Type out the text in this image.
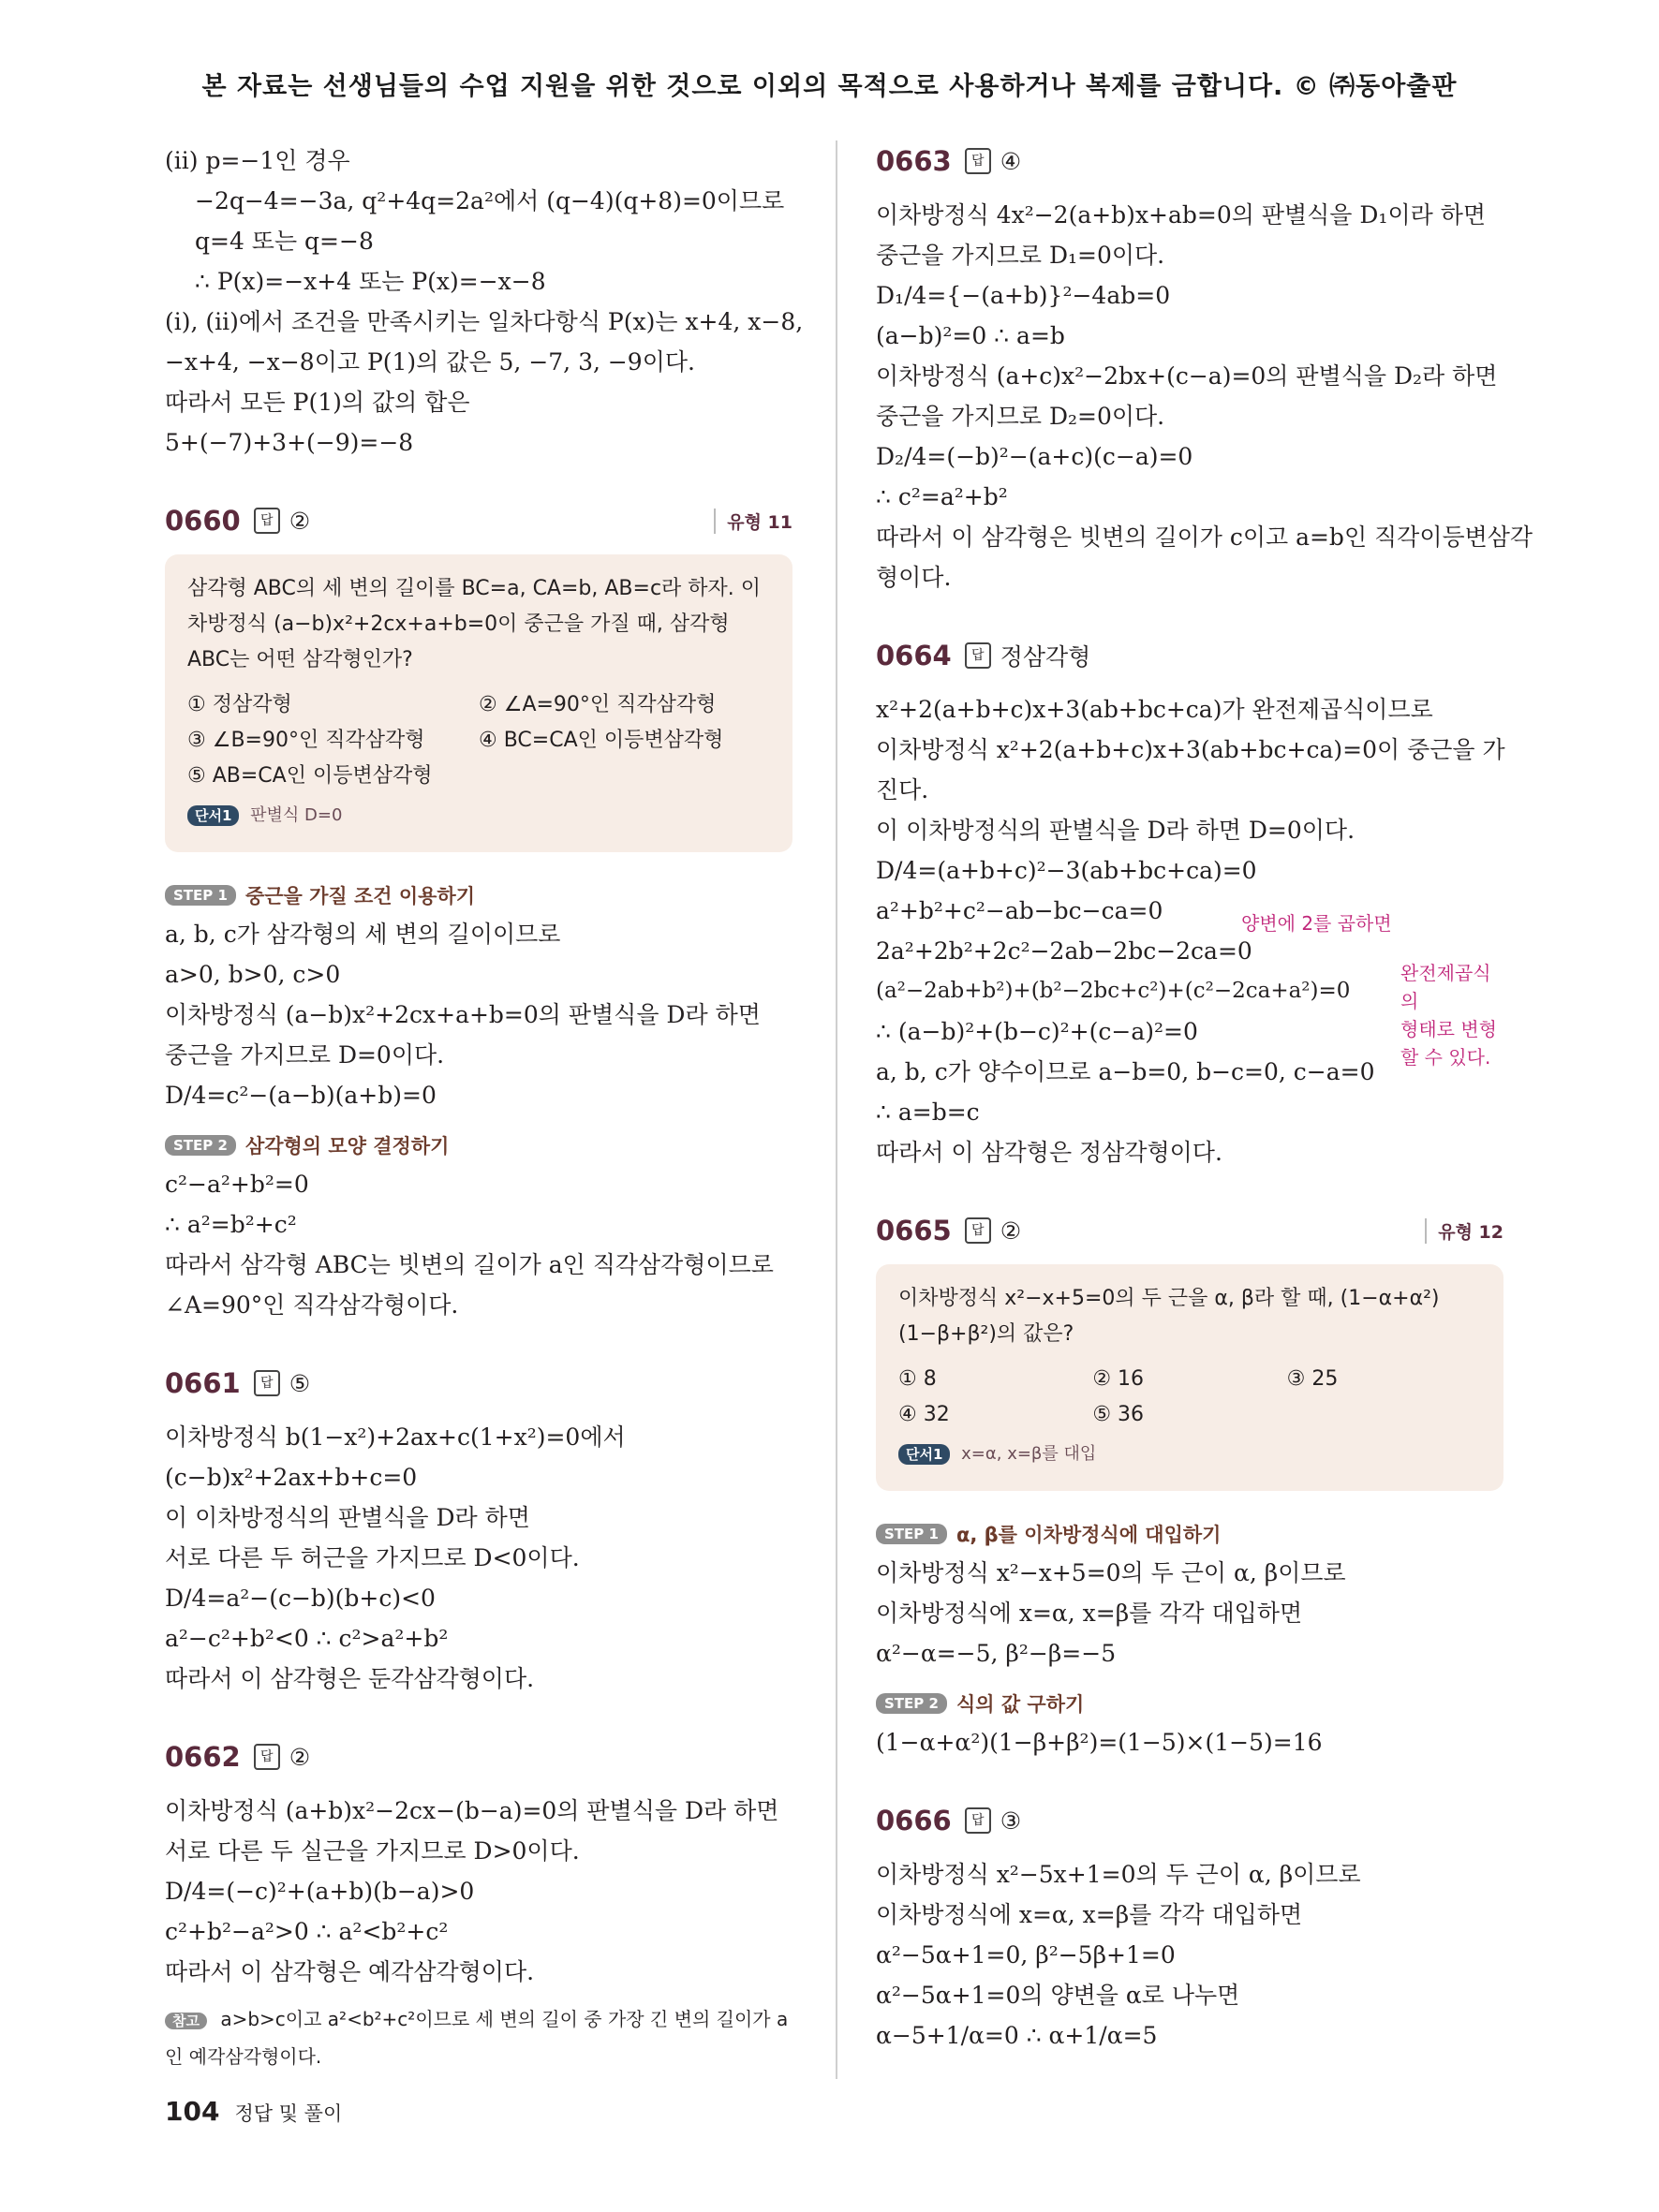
본 자료는 선생님들의 수업 지원을 위한 것으로 이외의 목적으로 사용하거나 복제를 금합니다. © ㈜동아출판
(ⅱ) p=−1인 경우
−2q−4=−3a, q²+4q=2a²에서 (q−4)(q+8)=0이므로
q=4 또는 q=−8
∴ P(x)=−x+4 또는 P(x)=−x−8
(ⅰ), (ⅱ)에서 조건을 만족시키는 일차다항식 P(x)는 x+4, x−8,
−x+4, −x−8이고 P(1)의 값은 5, −7, 3, −9이다.
따라서 모든 P(1)의 값의 합은
5+(−7)+3+(−9)=−8
0660	답 ②	유형 11
삼각형 ABC의 세 변의 길이를 BC=a, CA=b, AB=c라 하자. 이차방정식 (a−b)x²+2cx+a+b=0이 중근을 가질 때, 삼각형 ABC는 어떤 삼각형인가?
① 정삼각형	② ∠A=90°인 직각삼각형
③ ∠B=90°인 직각삼각형	④ BC=CA인 이등변삼각형
⑤ AB=CA인 이등변삼각형
단서1 판별식 D=0
STEP 1 중근을 가질 조건 이용하기
a, b, c가 삼각형의 세 변의 길이이므로
a>0, b>0, c>0
이차방정식 (a−b)x²+2cx+a+b=0의 판별식을 D라 하면
중근을 가지므로 D=0이다.
D/4=c²−(a−b)(a+b)=0
STEP 2 삼각형의 모양 결정하기
c²−a²+b²=0
∴ a²=b²+c²
따라서 삼각형 ABC는 빗변의 길이가 a인 직각삼각형이므로
∠A=90°인 직각삼각형이다.
0661	답 ⑤
이차방정식 b(1−x²)+2ax+c(1+x²)=0에서
(c−b)x²+2ax+b+c=0
이 이차방정식의 판별식을 D라 하면
서로 다른 두 허근을 가지므로 D<0이다.
D/4=a²−(c−b)(b+c)<0
a²−c²+b²<0 ∴ c²>a²+b²
따라서 이 삼각형은 둔각삼각형이다.
0662	답 ②
이차방정식 (a+b)x²−2cx−(b−a)=0의 판별식을 D라 하면
서로 다른 두 실근을 가지므로 D>0이다.
D/4=(−c)²+(a+b)(b−a)>0
c²+b²−a²>0 ∴ a²<b²+c²
따라서 이 삼각형은 예각삼각형이다.
참고 a>b>c이고 a²<b²+c²이므로 세 변의 길이 중 가장 긴 변의 길이가 a인 예각삼각형이다.
0663	답 ④
이차방정식 4x²−2(a+b)x+ab=0의 판별식을 D₁이라 하면
중근을 가지므로 D₁=0이다.
D₁/4={−(a+b)}²−4ab=0
(a−b)²=0 ∴ a=b
이차방정식 (a+c)x²−2bx+(c−a)=0의 판별식을 D₂라 하면
중근을 가지므로 D₂=0이다.
D₂/4=(−b)²−(a+c)(c−a)=0
∴ c²=a²+b²
따라서 이 삼각형은 빗변의 길이가 c이고 a=b인 직각이등변삼각
형이다.
0664	답 정삼각형
x²+2(a+b+c)x+3(ab+bc+ca)가 완전제곱식이므로
이차방정식 x²+2(a+b+c)x+3(ab+bc+ca)=0이 중근을 가
진다.
이 이차방정식의 판별식을 D라 하면 D=0이다.
D/4=(a+b+c)²−3(ab+bc+ca)=0
a²+b²+c²−ab−bc−ca=0
2a²+2b²+2c²−2ab−2bc−2ca=0
(a²−2ab+b²)+(b²−2bc+c²)+(c²−2ca+a²)=0
∴ (a−b)²+(b−c)²+(c−a)²=0
a, b, c가 양수이므로 a−b=0, b−c=0, c−a=0
∴ a=b=c
따라서 이 삼각형은 정삼각형이다.
양변에 2를 곱하면
완전제곱식의
형태로 변형
할 수 있다.
0665	답 ②	유형 12
이차방정식 x²−x+5=0의 두 근을 α, β라 할 때, (1−α+α²)(1−β+β²)의 값은?
① 8	② 16	③ 25
④ 32	⑤ 36
단서1 x=α, x=β를 대입
STEP 1 α, β를 이차방정식에 대입하기
이차방정식 x²−x+5=0의 두 근이 α, β이므로
이차방정식에 x=α, x=β를 각각 대입하면
α²−α=−5, β²−β=−5
STEP 2 식의 값 구하기
(1−α+α²)(1−β+β²)=(1−5)×(1−5)=16
0666	답 ③
이차방정식 x²−5x+1=0의 두 근이 α, β이므로
이차방정식에 x=α, x=β를 각각 대입하면
α²−5α+1=0, β²−5β+1=0
α²−5α+1=0의 양변을 α로 나누면
α−5+1/α=0 ∴ α+1/α=5
104 정답 및 풀이
